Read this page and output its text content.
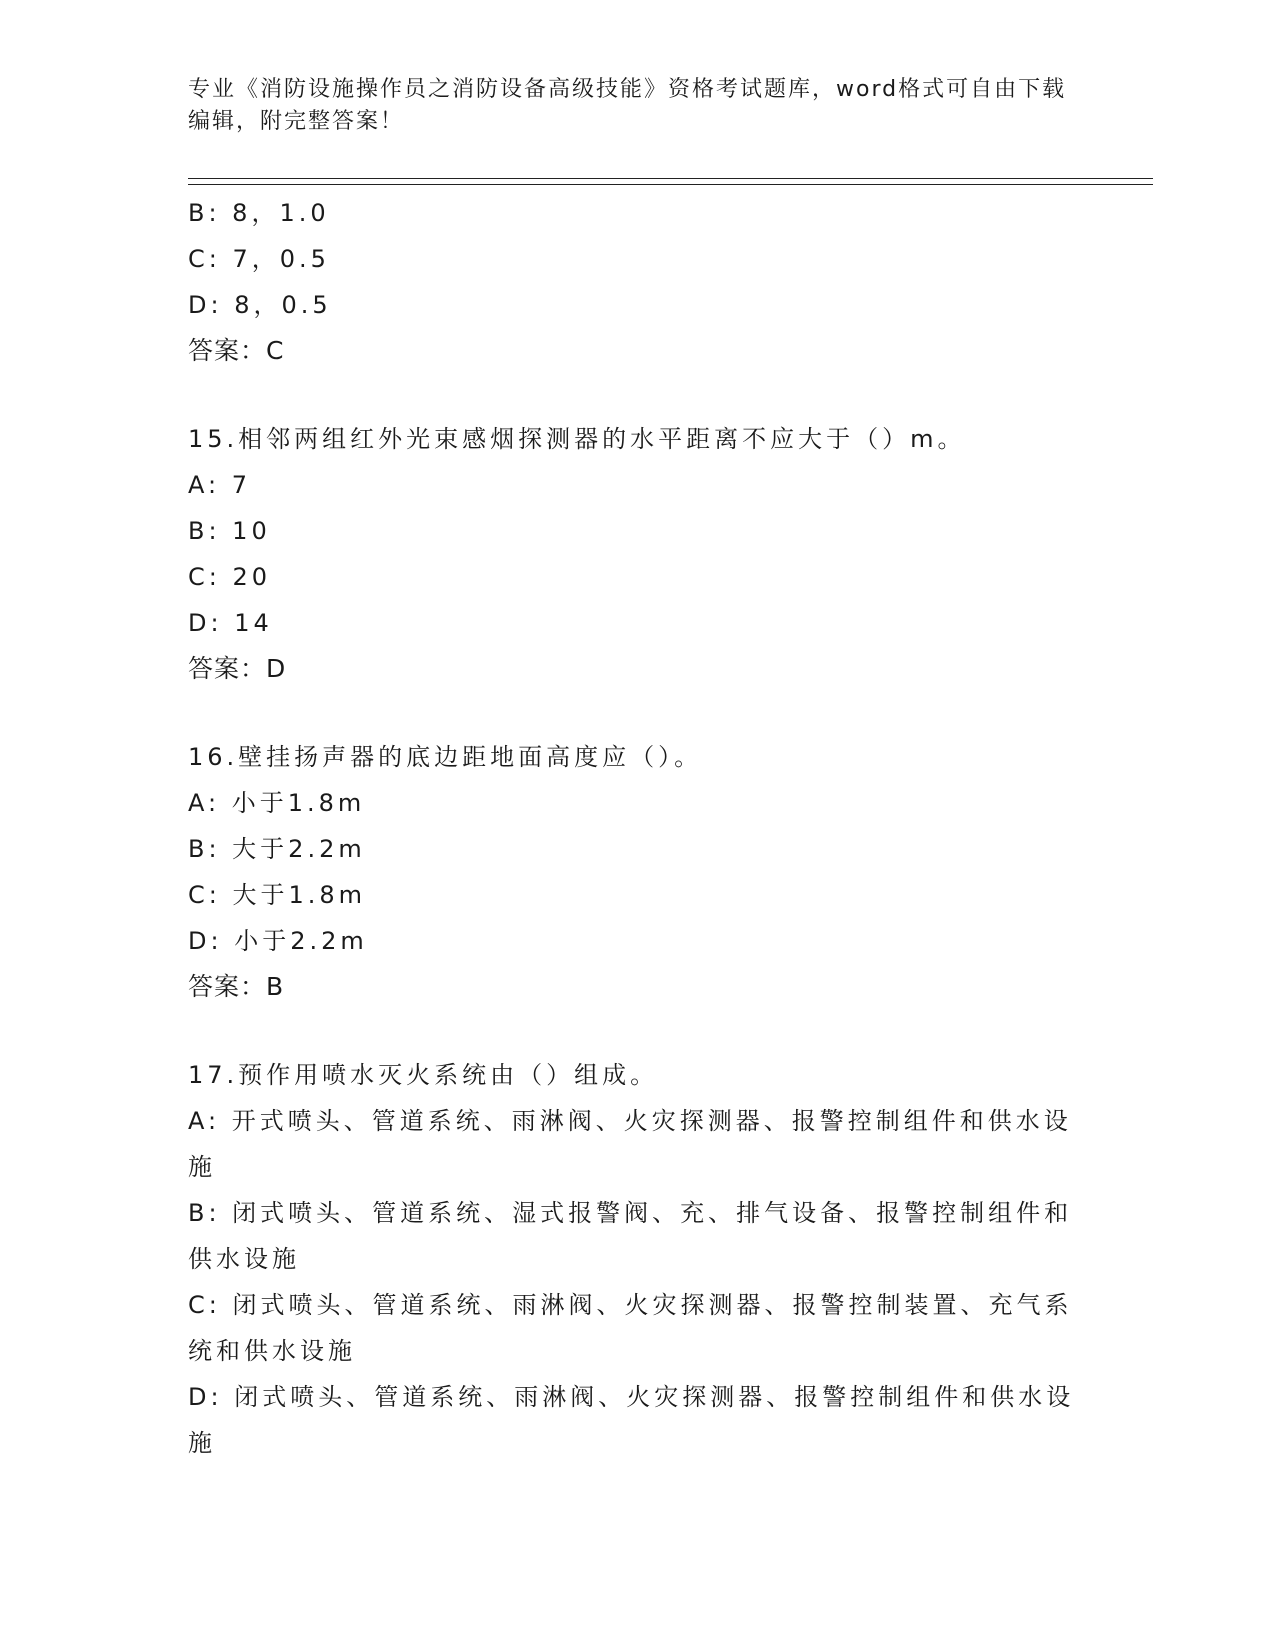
专业《消防设施操作员之消防设备高级技能》资格考试题库，word格式可自由下载编辑，附完整答案！
B: 8，1.0
C: 7，0.5
D: 8，0.5
答案：C
15.相邻两组红外光束感烟探测器的水平距离不应大于（）m。
A: 7
B: 10
C: 20
D: 14
答案：D
16.壁挂扬声器的底边距地面高度应（）。
A: 小于1.8m
B: 大于2.2m
C: 大于1.8m
D: 小于2.2m
答案：B
17.预作用喷水灭火系统由（）组成。
A: 开式喷头、管道系统、雨淋阀、火灾探测器、报警控制组件和供水设施
B: 闭式喷头、管道系统、湿式报警阀、充、排气设备、报警控制组件和供水设施
C: 闭式喷头、管道系统、雨淋阀、火灾探测器、报警控制装置、充气系统和供水设施
D: 闭式喷头、管道系统、雨淋阀、火灾探测器、报警控制组件和供水设施
